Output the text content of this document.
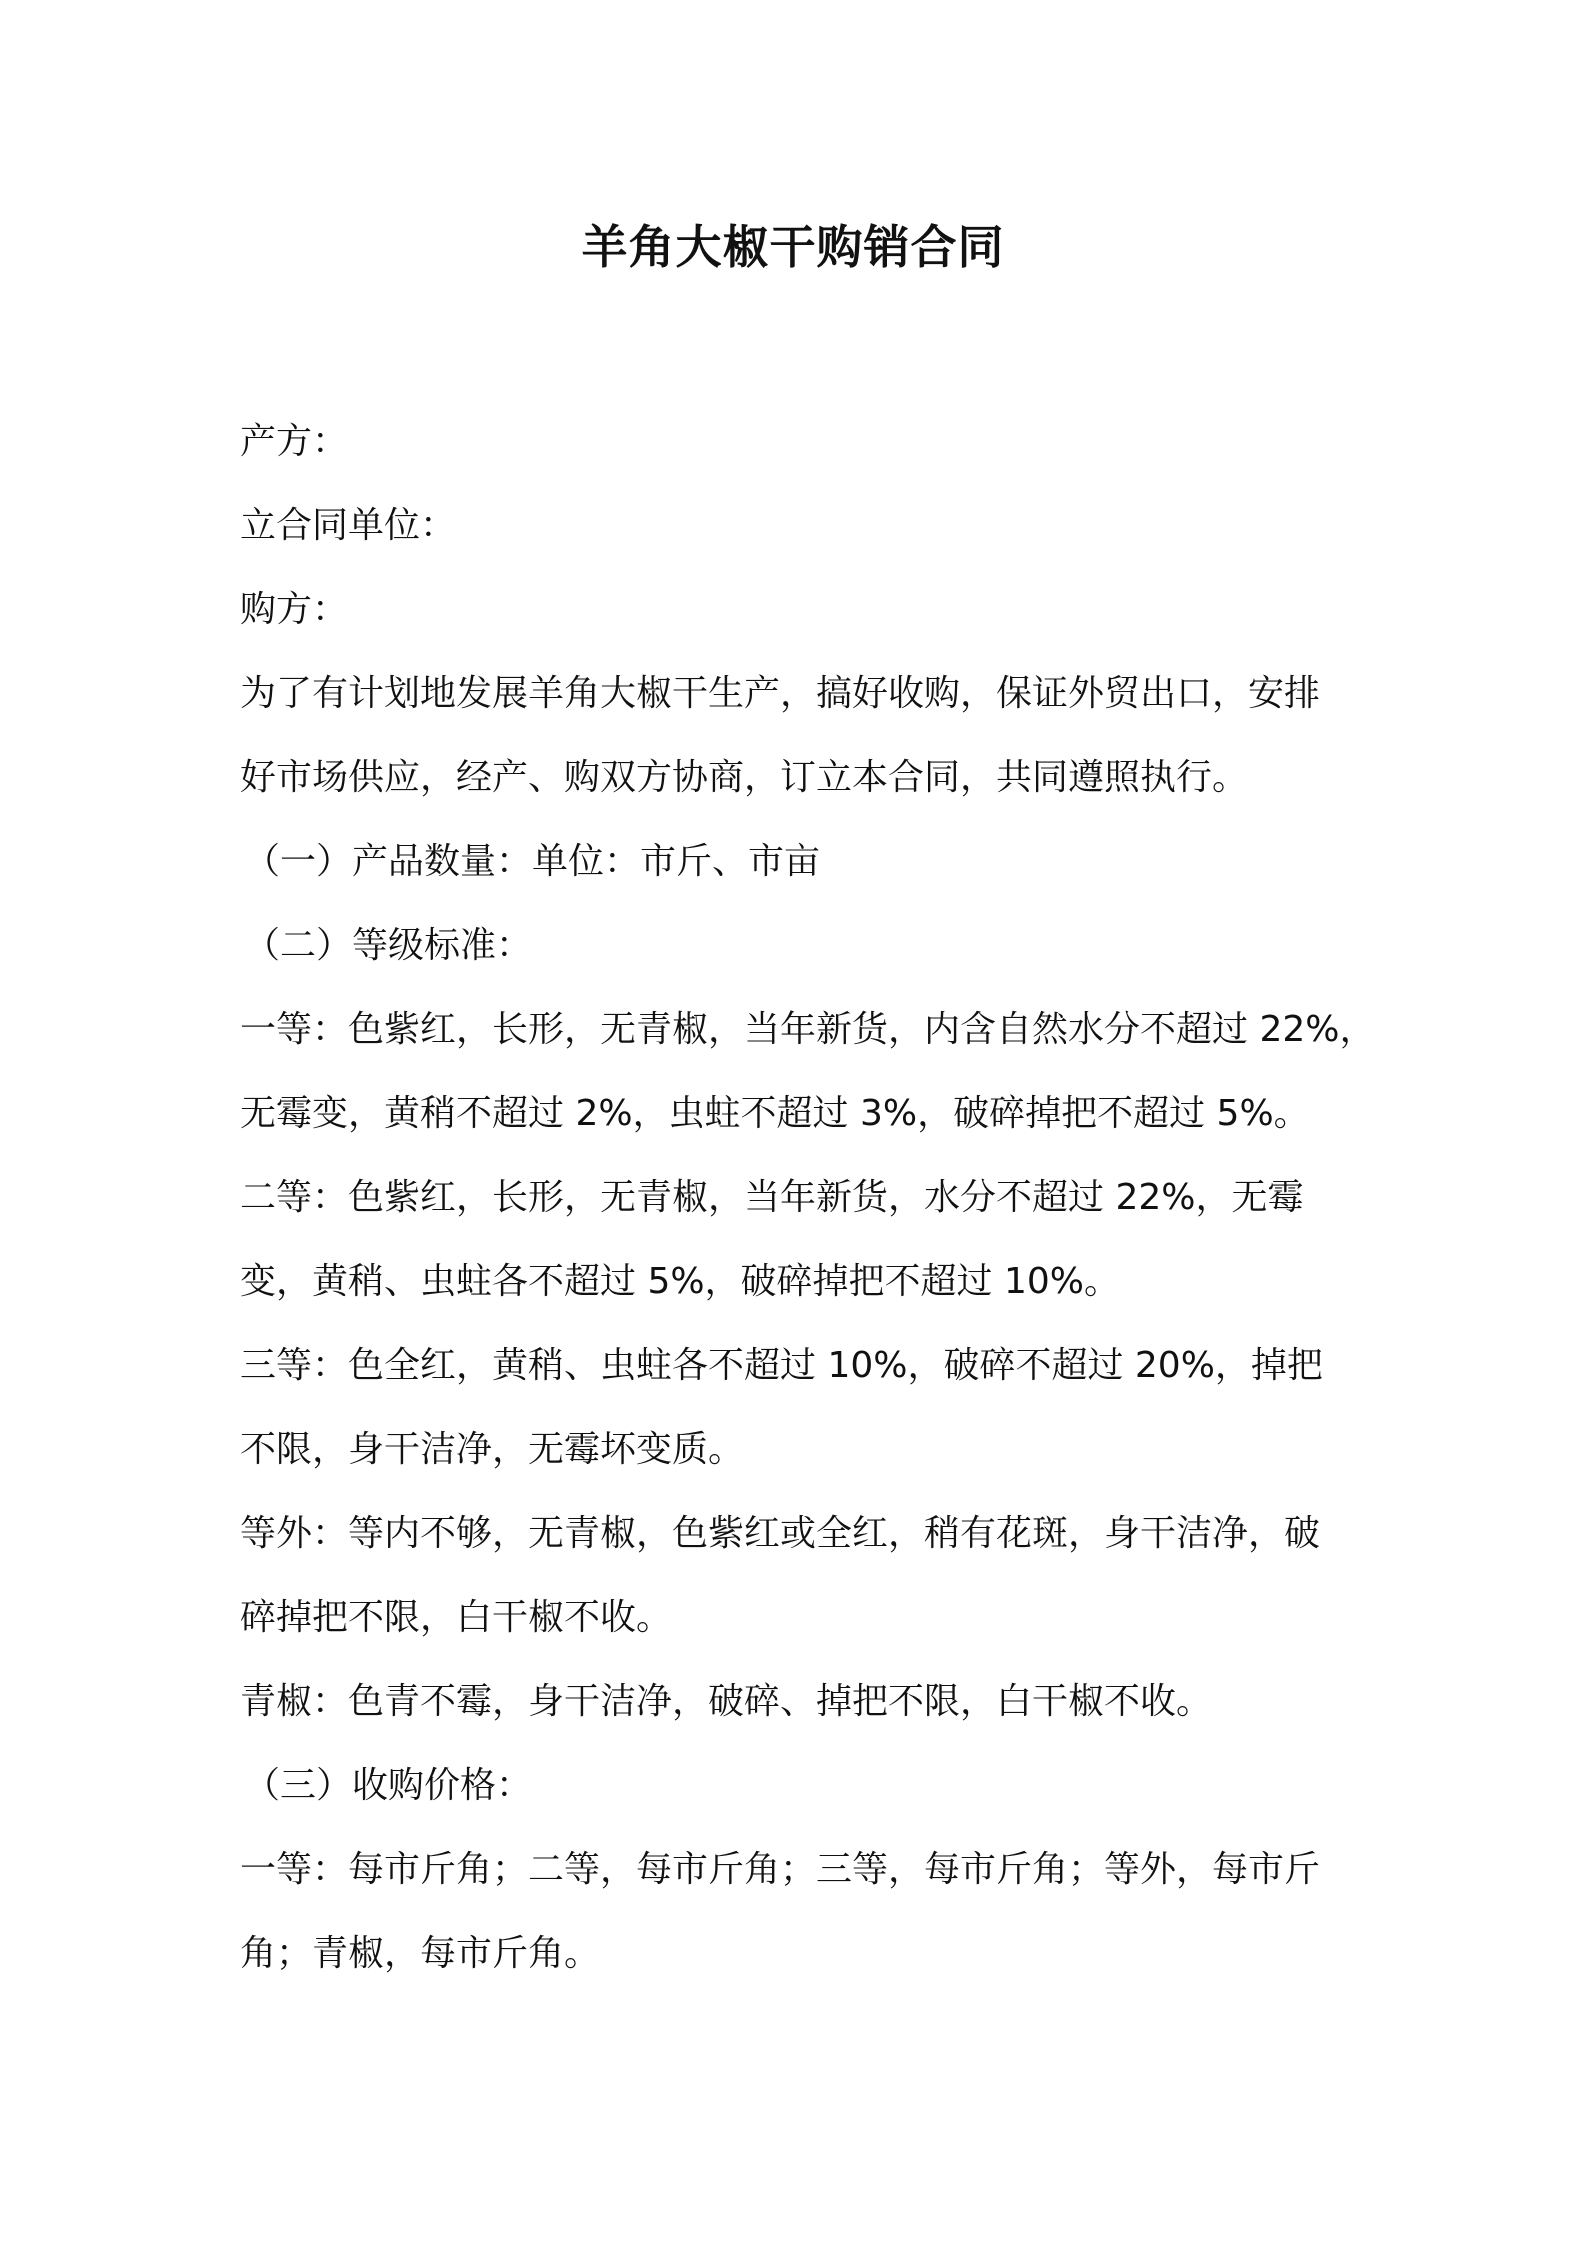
羊角大椒干购销合同
产方：
立合同单位：
购方：
为了有计划地发展羊角大椒干生产，搞好收购，保证外贸出口，安排
好市场供应，经产、购双方协商，订立本合同，共同遵照执行。
（一）产品数量：单位：市斤、市亩
（二）等级标准：
一等：色紫红，长形，无青椒，当年新货，内含自然水分不超过 22%，
无霉变，黄稍不超过 2%，虫蛀不超过 3%，破碎掉把不超过 5%。
二等：色紫红，长形，无青椒，当年新货，水分不超过 22%，无霉
变，黄稍、虫蛀各不超过 5%，破碎掉把不超过 10%。
三等：色全红，黄稍、虫蛀各不超过 10%，破碎不超过 20%，掉把
不限，身干洁净，无霉坏变质。
等外：等内不够，无青椒，色紫红或全红，稍有花斑，身干洁净，破
碎掉把不限，白干椒不收。
青椒：色青不霉，身干洁净，破碎、掉把不限，白干椒不收。
（三）收购价格：
一等：每市斤角；二等，每市斤角；三等，每市斤角；等外，每市斤
角；青椒，每市斤角。
